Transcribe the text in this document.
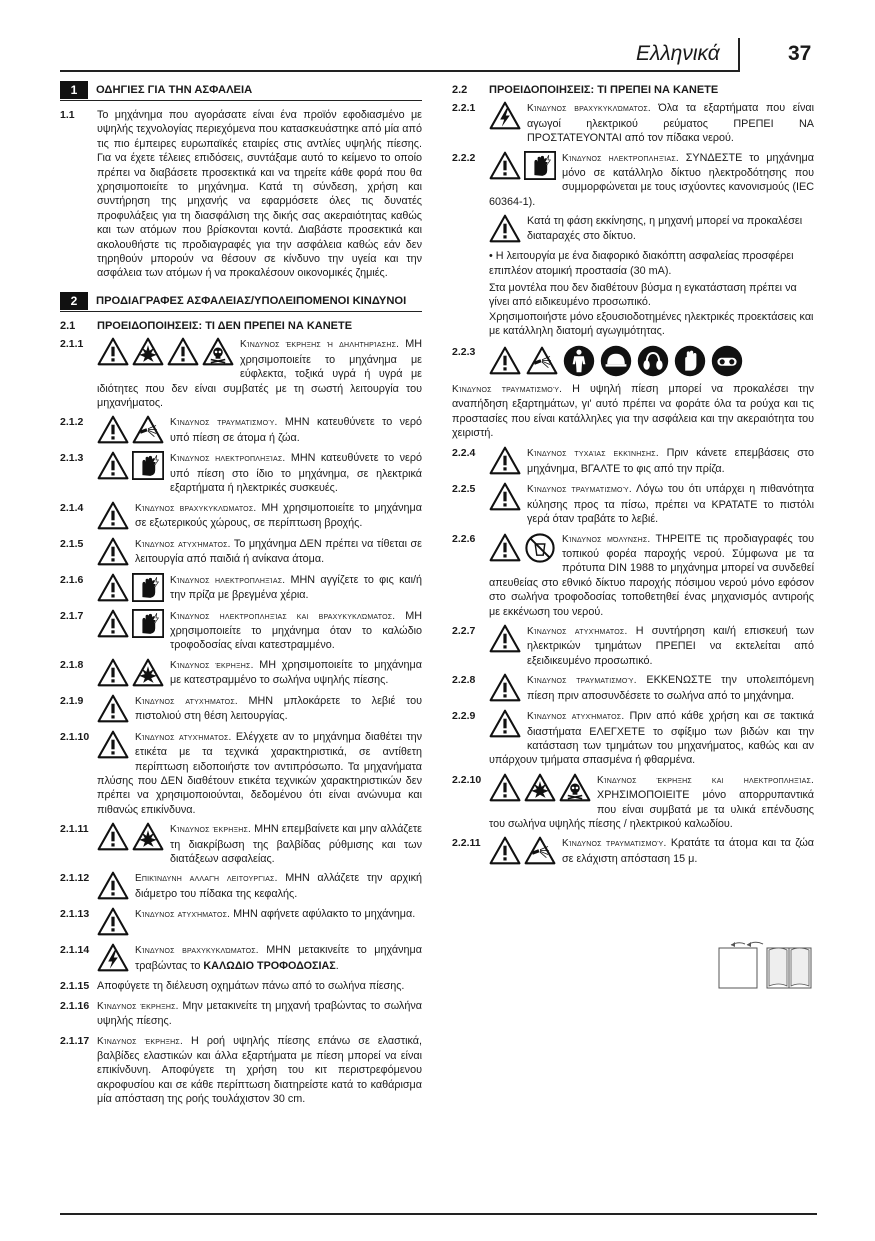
Ελληνικά	37
1	ΟΔΗΓΙΕΣ ΓΙΑ ΤΗΝ ΑΣΦΑΛΕΙΑ
1.1	Το μηχάνημα που αγοράσατε είναι ένα προϊόν εφοδιασμένο με υψηλής τεχνολογίας περιεχόμενα που κατασκευάστηκε από μία από τις πιο έμπειρες ευρωπαϊκές εταιρίες στις αντλίες υψηλής πίεσης. Για να έχετε τέλειες επιδόσεις, συντάξαμε αυτό το κείμενο το οποίο πρέπει να διαβάσετε προσεκτικά και να τηρείτε κάθε φορά που θα χρησιμοποιείτε το μηχάνημα. Κατά τη σύνδεση, χρήση και συντήρηση της μηχανής να εφαρμόσετε όλες τις δυνατές προφυλάξεις για τη διασφάλιση της δικής σας ακεραιότητας καθώς και των ατόμων που βρίσκονται κοντά. Διαβάστε προσεκτικά και ακολουθήστε τις προδιαγραφές για την ασφάλεια καθώς εάν δεν τηρηθούν μπορούν να θέσουν σε κίνδυνο την υγεία και την ασφάλεια των ατόμων ή να προκαλέσουν οικονομικές ζημιές.
2	ΠΡΟΔΙΑΓΡΑΦΕΣ ΑΣΦΑΛΕΙΑΣ/ΥΠΟΛΕΙΠΟΜΕΝΟΙ ΚΙΝΔΥΝΟΙ
2.1	ΠΡΟΕΙΔΟΠΟΙΗΣΕΙΣ: ΤΙ ΔΕΝ ΠΡΕΠΕΙ ΝΑ ΚΑΝΕΤΕ
2.1.1	Κίνδυνος έκρηξης ή δηλητηρίασης. ΜΗ χρησιμοποιείτε το μηχάνημα με εύφλεκτα, τοξικά υγρά ή υγρά με ιδιότητες που δεν είναι συμβατές με τη σωστή λειτουργία του μηχανήματος.
2.1.2	Κίνδυνος τραυματισμού. ΜΗΝ κατευθύνετε το νερό υπό πίεση σε άτομα ή ζώα.
2.1.3	Κίνδυνος ηλεκτροπληξίας. ΜΗΝ κατευθύνετε το νερό υπό πίεση στο ίδιο το μηχάνημα, σε ηλεκτρικά εξαρτήματα ή ηλεκτρικές συσκευές.
2.1.4	Κίνδυνος βραχυκυκλώματος. ΜΗ χρησιμοποιείτε το μηχάνημα σε εξωτερικούς χώρους, σε περίπτωση βροχής.
2.1.5	Κίνδυνος ατυχήματος. Το μηχάνημα ΔΕΝ πρέπει να τίθεται σε λειτουργία από παιδιά ή ανίκανα άτομα.
2.1.6	Κίνδυνος ηλεκτροπληξίας. ΜΗΝ αγγίζετε το φις και/ή την πρίζα με βρεγμένα χέρια.
2.1.7	Κίνδυνος ηλεκτροπληξίας και βραχυκυκλώματος. ΜΗ χρησιμοποιείτε το μηχάνημα όταν το καλώδιο τροφοδοσίας είναι κατεστραμμένο.
2.1.8	Κίνδυνος έκρηξης. ΜΗ χρησιμοποιείτε το μηχάνημα με κατεστραμμένο το σωλήνα υψηλής πίεσης.
2.1.9	Κίνδυνος ατυχήματος. ΜΗΝ μπλοκάρετε το λεβιέ του πιστολιού στη θέση λειτουργίας.
2.1.10	Κίνδυνος ατυχήματος. Ελέγχετε αν το μηχάνημα διαθέτει την ετικέτα με τα τεχνικά χαρακτηριστικά, σε αντίθετη περίπτωση ειδοποιήστε τον αντιπρόσωπο. Τα μηχανήματα πλύσης που ΔΕΝ διαθέτουν ετικέτα τεχνικών χαρακτηριστικών δεν πρέπει να χρησιμοποιούνται, δεδομένου ότι είναι ανώνυμα και πιθανώς επικίνδυνα.
2.1.11	Κίνδυνος έκρηξης. ΜΗΝ επεμβαίνετε και μην αλλάζετε τη διακρίβωση της βαλβίδας ρύθμισης και των διατάξεων ασφαλείας.
2.1.12	Επικίνδυνη αλλαγή λειτουργίας. ΜΗΝ αλλάζετε την αρχική διάμετρο του πίδακα της κεφαλής.
2.1.13	Κίνδυνος ατυχήματος. ΜΗΝ αφήνετε αφύλακτο το μηχάνημα.
2.1.14	Κίνδυνος βραχυκυκλώματος. ΜΗΝ μετακινείτε το μηχάνημα τραβώντας το ΚΑΛΩΔΙΟ ΤΡΟΦΟΔΟΣΙΑΣ.
2.1.15 Αποφύγετε τη διέλευση οχημάτων πάνω από το σωλήνα πίεσης.
2.1.16 Κίνδυνος έκρηξης. Μην μετακινείτε τη μηχανή τραβώντας το σωλήνα υψηλής πίεσης.
2.1.17 Κίνδυνος έκρηξης. Η ροή υψηλής πίεσης επάνω σε ελαστικά, βαλβίδες ελαστικών και άλλα εξαρτήματα με πίεση μπορεί να είναι επικίνδυνη. Αποφύγετε τη χρήση του κιτ περιστρεφόμενου ακροφυσίου και σε κάθε περίπτωση διατηρείστε κατά το καθάρισμα μία απόσταση της ροής τουλάχιστον 30 cm.
2.2	ΠΡΟΕΙΔΟΠΟΙΗΣΕΙΣ: ΤΙ ΠΡΕΠΕΙ ΝΑ ΚΑΝΕΤΕ
2.2.1	Κίνδυνος βραχυκυκλώματος. Όλα τα εξαρτήματα που είναι αγωγοί ηλεκτρικού ρεύματος ΠΡΕΠΕΙ ΝΑ ΠΡΟΣΤΑΤΕΥΟΝΤΑΙ από τον πίδακα νερού.
2.2.2	Κίνδυνος ηλεκτροπληξίας. ΣΥΝΔΕΣΤΕ το μηχάνημα μόνο σε κατάλληλο δίκτυο ηλεκτροδότησης που συμμορφώνεται με τους ισχύοντες κανονισμούς (IEC 60364-1).
Κατά τη φάση εκκίνησης, η μηχανή μπορεί να προκαλέσει διαταραχές στο δίκτυο.
• Η λειτουργία με ένα διαφορικό διακόπτη ασφαλείας προσφέρει επιπλέον ατομική προστασία (30 mA).
Στα μοντέλα που δεν διαθέτουν βύσμα η εγκατάσταση πρέπει να γίνει από ειδικευμένο προσωπικό.
Χρησιμοποιήστε μόνο εξουσιοδοτημένες ηλεκτρικές προεκτάσεις και με κατάλληλη διατομή αγωγιμότητας.
2.2.3
Κίνδυνος τραυματισμού. Η υψηλή πίεση μπορεί να προκαλέσει την αναπήδηση εξαρτημάτων, γι' αυτό πρέπει να φοράτε όλα τα ρούχα και τις προστασίες που είναι κατάλληλες για την ασφάλεια και την ακεραιότητα του χειριστή.
2.2.4	Κίνδυνος τυχαίας εκκίνησης. Πριν κάνετε επεμβάσεις στο μηχάνημα, ΒΓΑΛΤΕ το φις από την πρίζα.
2.2.5	Κίνδυνος τραυματισμού. Λόγω του ότι υπάρχει η πιθανότητα κύλησης προς τα πίσω, πρέπει να ΚΡΑΤΑΤΕ το πιστόλι γερά όταν τραβάτε το λεβιέ.
2.2.6	Κίνδυνος μόλυνσης. ΤΗΡΕΙΤΕ τις προδιαγραφές του τοπικού φορέα παροχής νερού. Σύμφωνα με τα πρότυπα DIN 1988 το μηχάνημα μπορεί να συνδεθεί απευθείας στο εθνικό δίκτυο παροχής πόσιμου νερού μόνο εφόσον στο σωλήνα τροφοδοσίας τοποθετηθεί ένας μηχανισμός αντιροής με εκκένωση του νερού.
2.2.7	Κίνδυνος ατυχήματος. Η συντήρηση και/ή επισκευή των ηλεκτρικών τμημάτων ΠΡΕΠΕΙ να εκτελείται από εξειδικευμένο προσωπικό.
2.2.8	Κίνδυνος τραυματισμού. ΕΚΚΕΝΩΣΤΕ την υπολειπόμενη πίεση πριν αποσυνδέσετε το σωλήνα από το μηχάνημα.
2.2.9	Κίνδυνος ατυχήματος. Πριν από κάθε χρήση και σε τακτικά διαστήματα ΕΛΕΓΧΕΤΕ το σφίξιμο των βιδών και την κατάσταση των τμημάτων του μηχανήματος, καθώς και αν υπάρχουν τμήματα σπασμένα ή φθαρμένα.
2.2.10	Κίνδυνος έκρηξης και ηλεκτροπληξίας. ΧΡΗΣΙΜΟΠΟΙΕΙΤΕ μόνο απορρυπαντικά που είναι συμβατά με τα υλικά επένδυσης του σωλήνα υψηλής πίεσης / ηλεκτρικού καλωδίου.
2.2.11	Κίνδυνος τραυματισμού. Κρατάτε τα άτομα και τα ζώα σε ελάχιστη απόσταση 15 μ.
